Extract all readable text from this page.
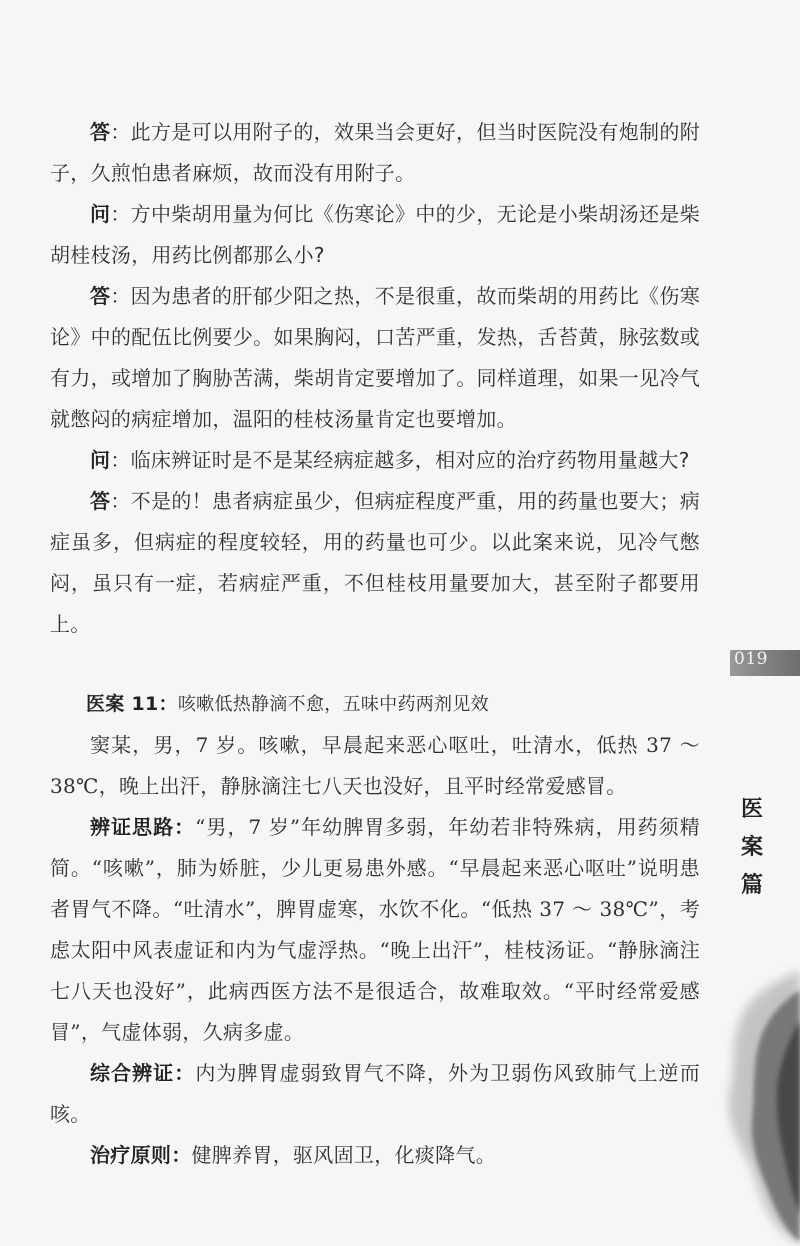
答：此方是可以用附子的，效果当会更好，但当时医院没有炮制的附子，久煎怕患者麻烦，故而没有用附子。

问：方中柴胡用量为何比《伤寒论》中的少，无论是小柴胡汤还是柴胡桂枝汤，用药比例都那么小?

答：因为患者的肝郁少阳之热，不是很重，故而柴胡的用药比《伤寒论》中的配伍比例要少。如果胸闷，口苦严重，发热，舌苔黄，脉弦数或有力，或增加了胸胁苦满，柴胡肯定要增加了。同样道理，如果一见冷气就憋闷的病症增加，温阳的桂枝汤量肯定也要增加。

问：临床辨证时是不是某经病症越多，相对应的治疗药物用量越大?

答：不是的！患者病症虽少，但病症程度严重，用的药量也要大；病症虽多，但病症的程度较轻，用的药量也可少。以此案来说，见冷气憋闷，虽只有一症，若病症严重，不但桂枝用量要加大，甚至附子都要用上。

医案 11：咳嗽低热静滴不愈，五味中药两剂见效

窦某，男，7 岁。咳嗽，早晨起来恶心呕吐，吐清水，低热 37 ～ 38℃，晚上出汗，静脉滴注七八天也没好，且平时经常爱感冒。

辨证思路：“男，7 岁”年幼脾胃多弱，年幼若非特殊病，用药须精简。“咳嗽”，肺为娇脏，少儿更易患外感。“早晨起来恶心呕吐”说明患者胃气不降。“吐清水”，脾胃虚寒，水饮不化。“低热 37 ～ 38℃”，考虑太阳中风表虚证和内为气虚浮热。“晚上出汗”，桂枝汤证。“静脉滴注七八天也没好”，此病西医方法不是很适合，故难取效。“平时经常爱感冒”，气虚体弱，久病多虚。

综合辨证：内为脾胃虚弱致胃气不降，外为卫弱伤风致肺气上逆而咳。

治疗原则：健脾养胃，驱风固卫，化痰降气。

019
医
案
篇
